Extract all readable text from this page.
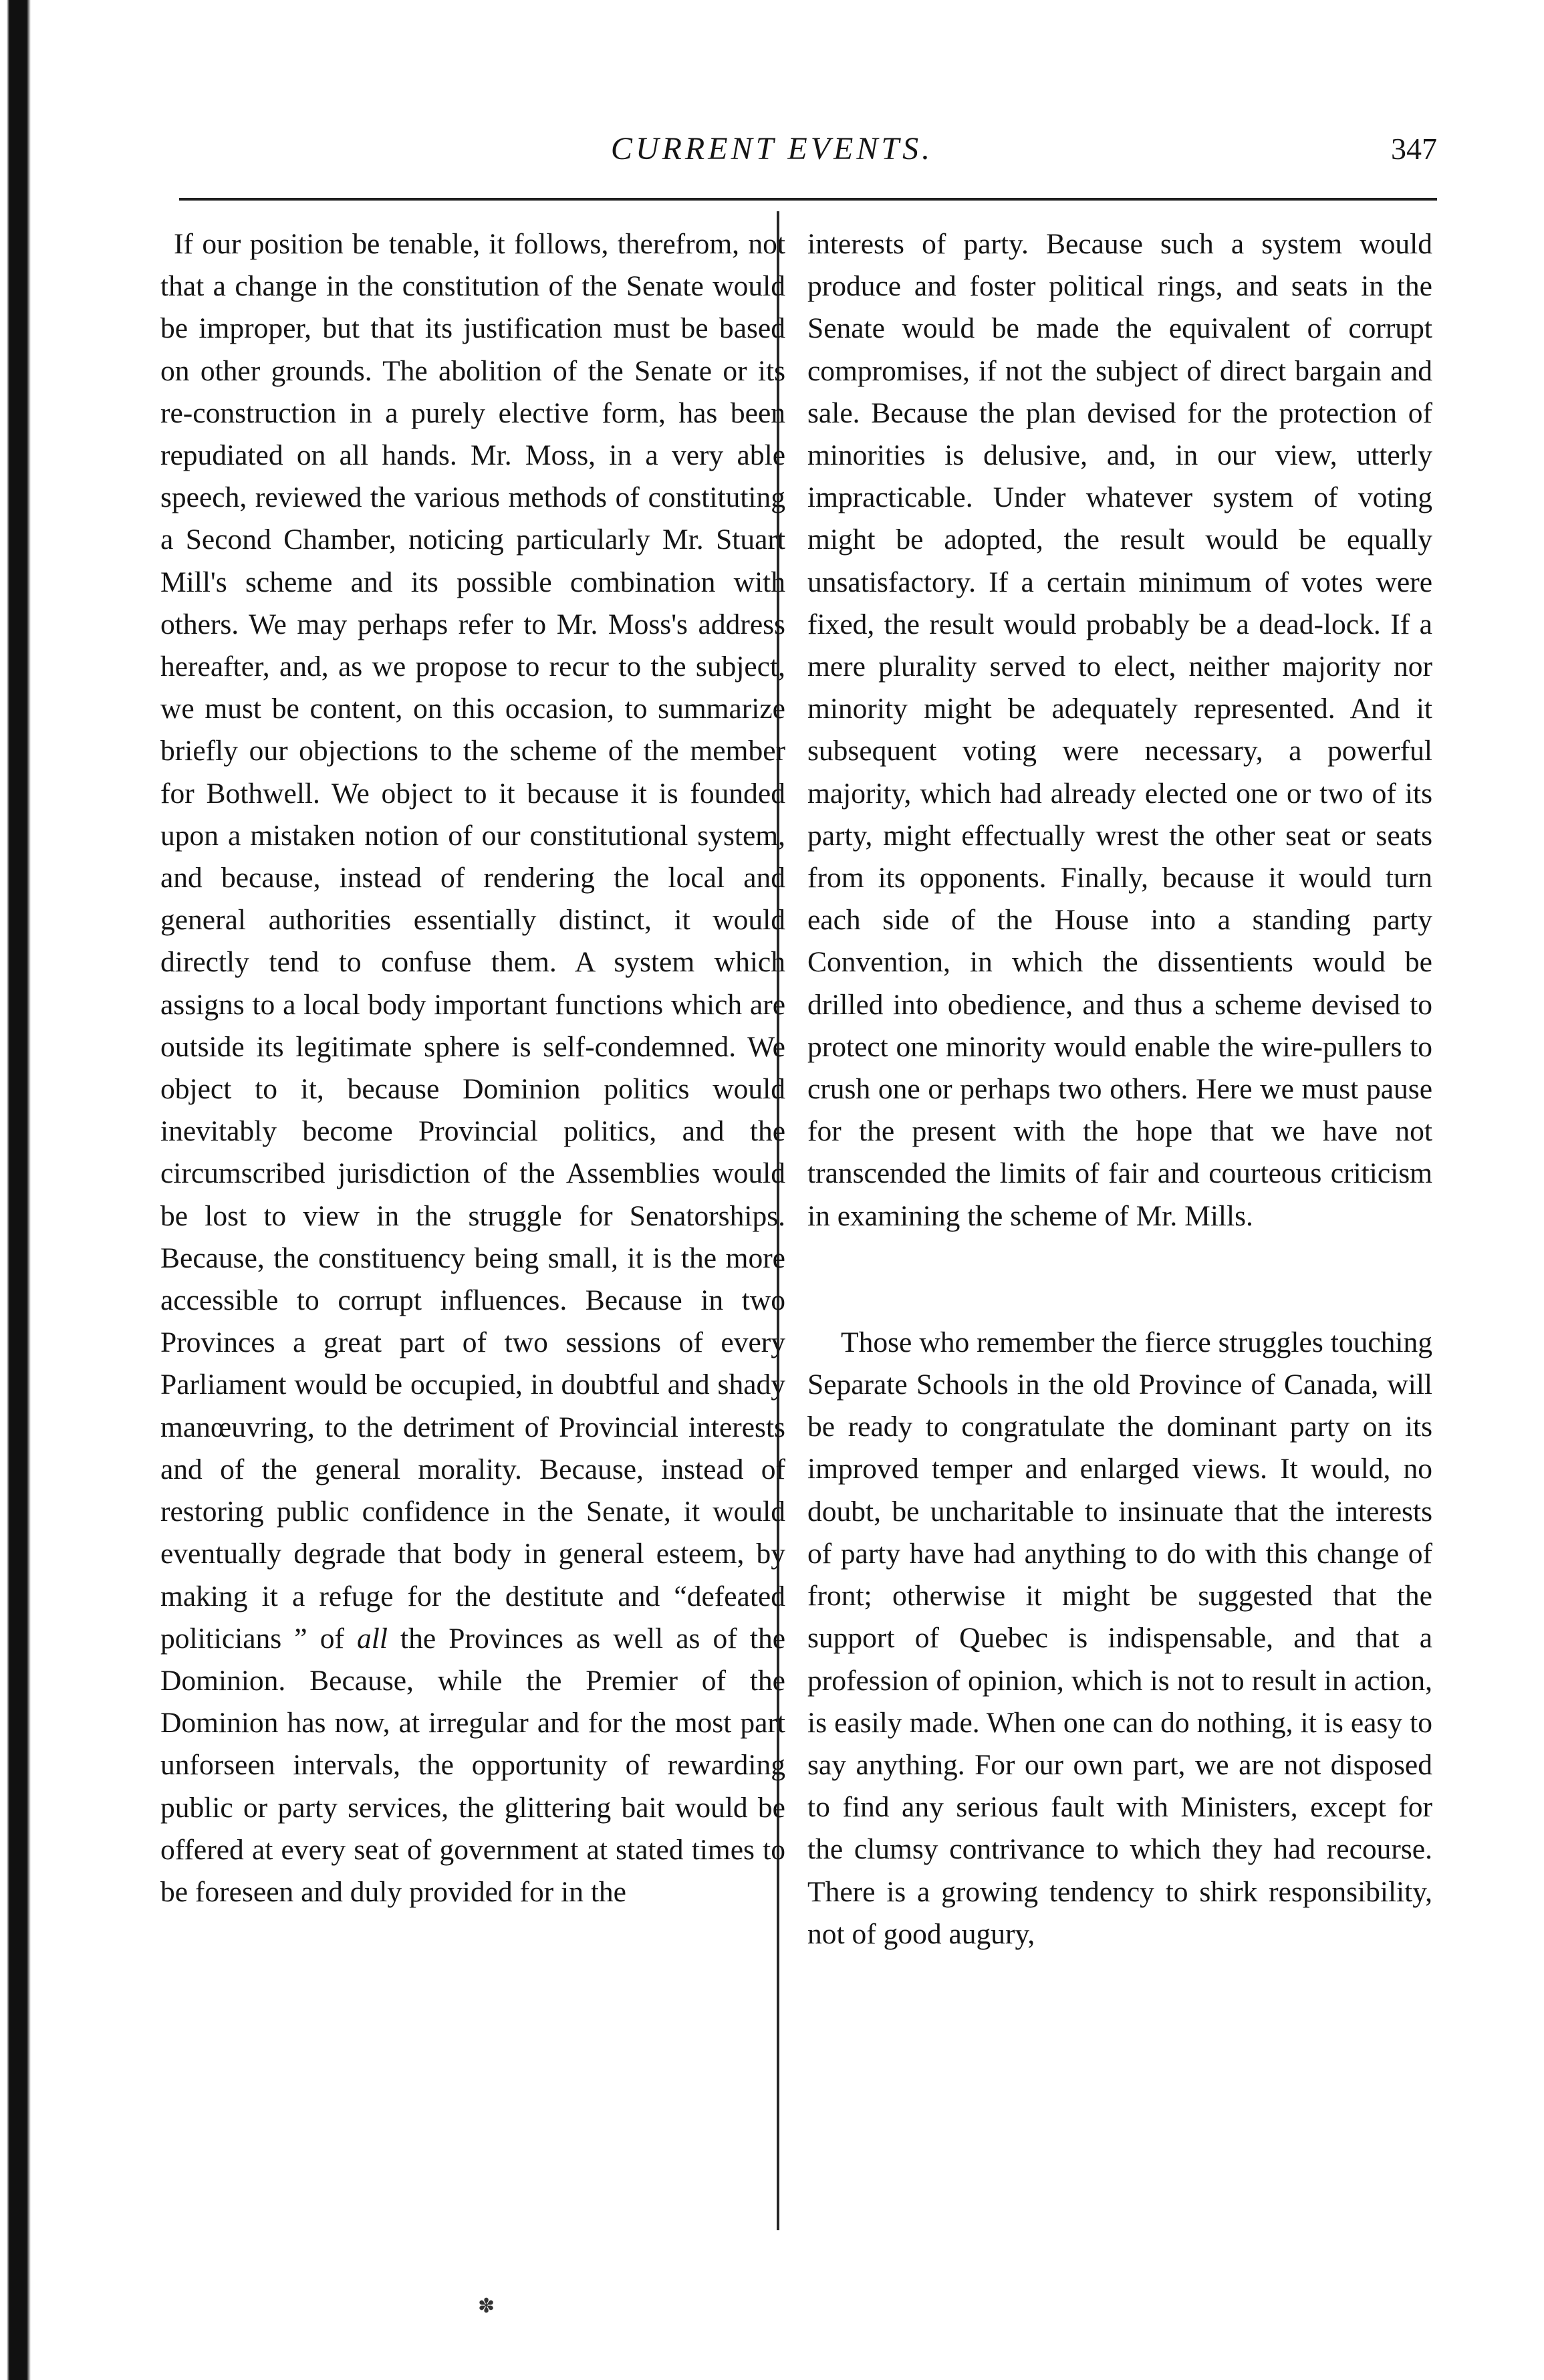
CURRENT EVENTS.	347

If our position be tenable, it follows, therefrom, not that a change in the constitution of the Senate would be improper, but that its justification must be based on other grounds. The abolition of the Senate or its re-construction in a purely elective form, has been repudiated on all hands. Mr. Moss, in a very able speech, reviewed the various methods of constituting a Second Chamber, noticing particularly Mr. Stuart Mill's scheme and its possible combination with others. We may perhaps refer to Mr. Moss's address hereafter, and, as we propose to recur to the subject, we must be content, on this occasion, to summarize briefly our objections to the scheme of the member for Bothwell. We object to it because it is founded upon a mistaken notion of our constitutional system, and because, instead of rendering the local and general authorities essentially distinct, it would directly tend to confuse them. A system which assigns to a local body important functions which are outside its legitimate sphere is self-condemned. We object to it, because Dominion politics would inevitably become Provincial politics, and the circumscribed jurisdiction of the Assemblies would be lost to view in the struggle for Senatorships. Because, the constituency being small, it is the more accessible to corrupt influences. Because in two Provinces a great part of two sessions of every Parliament would be occupied, in doubtful and shady manœuvring, to the detriment of Provincial interests and of the general morality. Because, instead of restoring public confidence in the Senate, it would eventually degrade that body in general esteem, by making it a refuge for the destitute and “defeated politicians ” of all the Provinces as well as of the Dominion. Because, while the Premier of the Dominion has now, at irregular and for the most part unforseen intervals, the opportunity of rewarding public or party services, the glittering bait would be offered at every seat of government at stated times to be foreseen and duly provided for in the

interests of party. Because such a system would produce and foster political rings, and seats in the Senate would be made the equivalent of corrupt compromises, if not the subject of direct bargain and sale. Because the plan devised for the protection of minorities is delusive, and, in our view, utterly impracticable. Under whatever system of voting might be adopted, the result would be equally unsatisfactory. If a certain minimum of votes were fixed, the result would probably be a dead-lock. If a mere plurality served to elect, neither majority nor minority might be adequately represented. And it subsequent voting were necessary, a powerful majority, which had already elected one or two of its party, might effectually wrest the other seat or seats from its opponents. Finally, because it would turn each side of the House into a standing party Convention, in which the dissentients would be drilled into obedience, and thus a scheme devised to protect one minority would enable the wire-pullers to crush one or perhaps two others. Here we must pause for the present with the hope that we have not transcended the limits of fair and courteous criticism in examining the scheme of Mr. Mills.

Those who remember the fierce struggles touching Separate Schools in the old Province of Canada, will be ready to congratulate the dominant party on its improved temper and enlarged views. It would, no doubt, be uncharitable to insinuate that the interests of party have had anything to do with this change of front; otherwise it might be suggested that the support of Quebec is indispensable, and that a profession of opinion, which is not to result in action, is easily made. When one can do nothing, it is easy to say anything. For our own part, we are not disposed to find any serious fault with Ministers, except for the clumsy contrivance to which they had recourse. There is a growing tendency to shirk responsibility, not of good augury,

✽
